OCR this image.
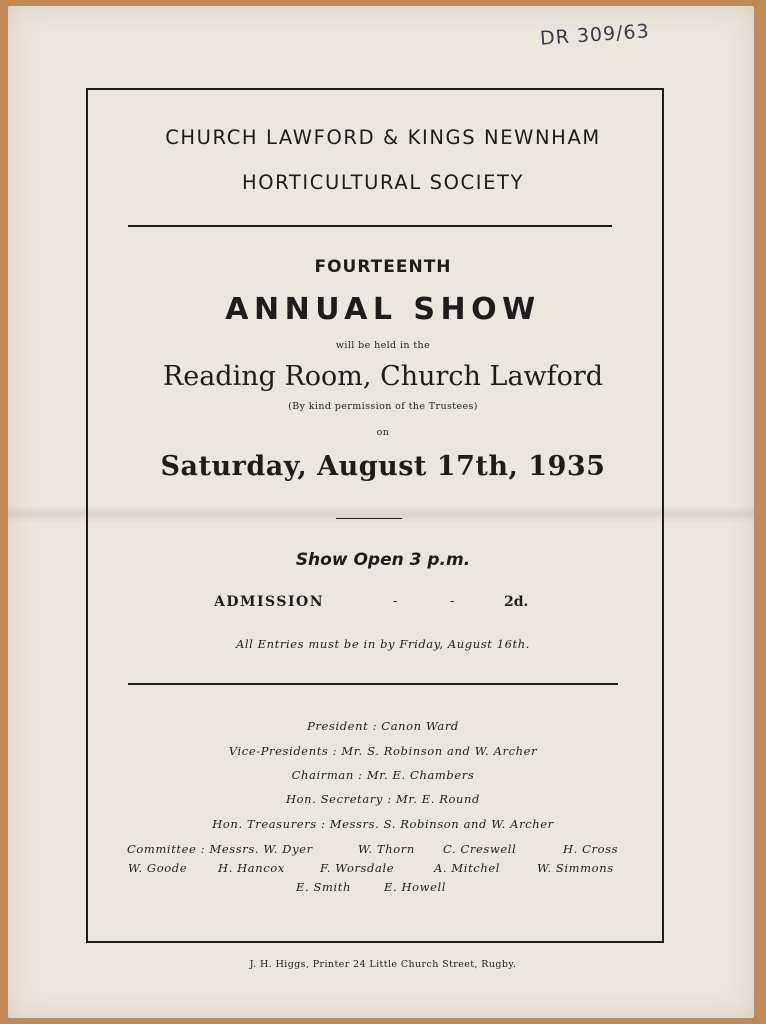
DR 309/63
CHURCH LAWFORD & KINGS NEWNHAM
HORTICULTURAL SOCIETY
FOURTEENTH
ANNUAL SHOW
will be held in the
Reading Room, Church Lawford
(By kind permission of the Trustees)
on
Saturday, August 17th, 1935
Show Open 3 p.m.
ADMISSION	-	-	2d.
All Entries must be in by Friday, August 16th.
President : Canon Ward
Vice-Presidents : Mr. S. Robinson and W. Archer
Chairman : Mr. E. Chambers
Hon. Secretary : Mr. E. Round
Hon. Treasurers : Messrs. S. Robinson and W. Archer
Committee : Messrs. W. Dyer	W. Thorn C. Creswell	H. Cross
W. Goode	H. Hancox	F. Worsdale	A. Mitchel	W. Simmons
E. Smith	E. Howell
J. H. Higgs, Printer 24 Little Church Street, Rugby.
